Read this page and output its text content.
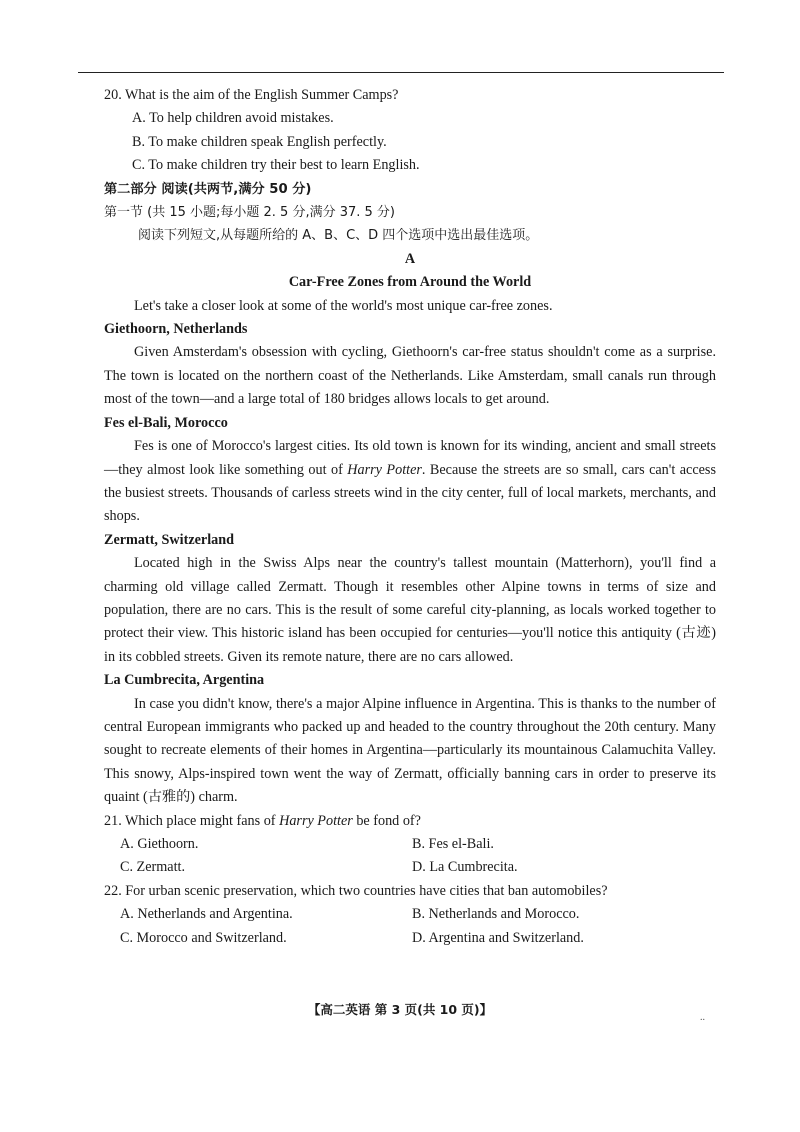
20. What is the aim of the English Summer Camps?

A. To help children avoid mistakes.

B. To make children speak English perfectly.

C. To make children try their best to learn English.

第二部分 阅读(共两节,满分 50 分)

第一节 (共 15 小题;每小题 2. 5 分,满分 37. 5 分)

阅读下列短文,从每题所给的 A、B、C、D 四个选项中选出最佳选项。

A

Car-Free Zones from Around the World

Let's take a closer look at some of the world's most unique car-free zones.

Giethoorn, Netherlands

Given Amsterdam's obsession with cycling, Giethoorn's car-free status shouldn't come as a surprise. The town is located on the northern coast of the Netherlands. Like Amsterdam, small canals run through most of the town—and a large total of 180 bridges allows locals to get around.

Fes el-Bali, Morocco

Fes is one of Morocco's largest cities. Its old town is known for its winding, ancient and small streets—they almost look like something out of Harry Potter. Because the streets are so small, cars can't access the busiest streets. Thousands of carless streets wind in the city center, full of local markets, merchants, and shops.

Zermatt, Switzerland

Located high in the Swiss Alps near the country's tallest mountain (Matterhorn), you'll find a charming old village called Zermatt. Though it resembles other Alpine towns in terms of size and population, there are no cars. This is the result of some careful city-planning, as locals worked together to protect their view. This historic island has been occupied for centuries—you'll notice this antiquity (古迹) in its cobbled streets. Given its remote nature, there are no cars allowed.

La Cumbrecita, Argentina

In case you didn't know, there's a major Alpine influence in Argentina. This is thanks to the number of central European immigrants who packed up and headed to the country throughout the 20th century. Many sought to recreate elements of their homes in Argentina—particularly its mountainous Calamuchita Valley. This snowy, Alps-inspired town went the way of Zermatt, officially banning cars in order to preserve its quaint (古雅的) charm.

21. Which place might fans of Harry Potter be fond of?

A. Giethoorn.	B. Fes el-Bali.
C. Zermatt.	D. La Cumbrecita.

22. For urban scenic preservation, which two countries have cities that ban automobiles?

A. Netherlands and Argentina.	B. Netherlands and Morocco.
C. Morocco and Switzerland.	D. Argentina and Switzerland.
【高二英语 第 3 页(共 10 页)】
..
